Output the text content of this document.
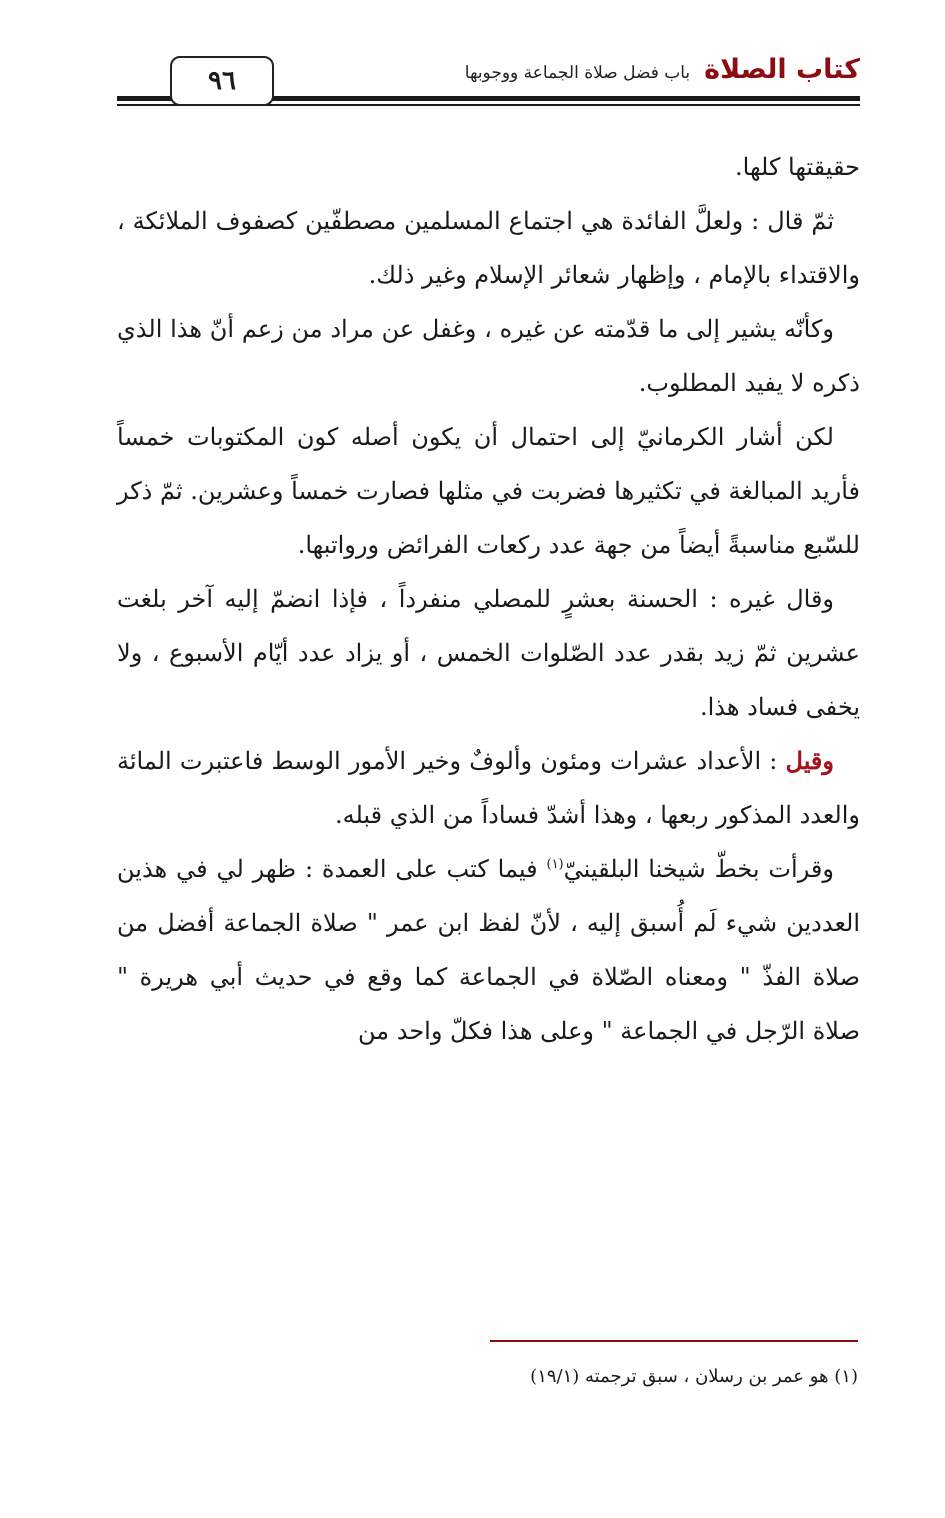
٩٦	كتاب الصلاةباب فضل صلاة الجماعة ووجوبها

حقيقتها كلها.

ثمّ قال : ولعلَّ الفائدة هي اجتماع المسلمين مصطفّين كصفوف الملائكة ، والاقتداء بالإمام ، وإظهار شعائر الإسلام وغير ذلك.

وكأنّه يشير إلى ما قدّمته عن غيره ، وغفل عن مراد من زعم أنّ هذا الذي ذكره لا يفيد المطلوب.

لكن أشار الكرمانيّ إلى احتمال أن يكون أصله كون المكتوبات خمساً فأريد المبالغة في تكثيرها فضربت في مثلها فصارت خمساً وعشرين. ثمّ ذكر للسّبع مناسبةً أيضاً من جهة عدد ركعات الفرائض ورواتبها.

وقال غيره : الحسنة بعشرٍ للمصلي منفرداً ، فإذا انضمّ إليه آخر بلغت عشرين ثمّ زيد بقدر عدد الصّلوات الخمس ، أو يزاد عدد أيّام الأسبوع ، ولا يخفى فساد هذا.

وقيل : الأعداد عشرات ومئون وألوفٌ وخير الأمور الوسط فاعتبرت المائة والعدد المذكور ربعها ، وهذا أشدّ فساداً من الذي قبله.

وقرأت بخطّ شيخنا البلقينيّ$^{(١)}$ فيما كتب على العمدة : ظهر لي في هذين العددين شيء لَم أُسبق إليه ، لأنّ لفظ ابن عمر " صلاة الجماعة أفضل من صلاة الفذّ " ومعناه الصّلاة في الجماعة كما وقع في حديث أبي هريرة " صلاة الرّجل في الجماعة " وعلى هذا فكلّ واحد من

(١) هو عمر بن رسلان ، سبق ترجمته (١٩/١)
